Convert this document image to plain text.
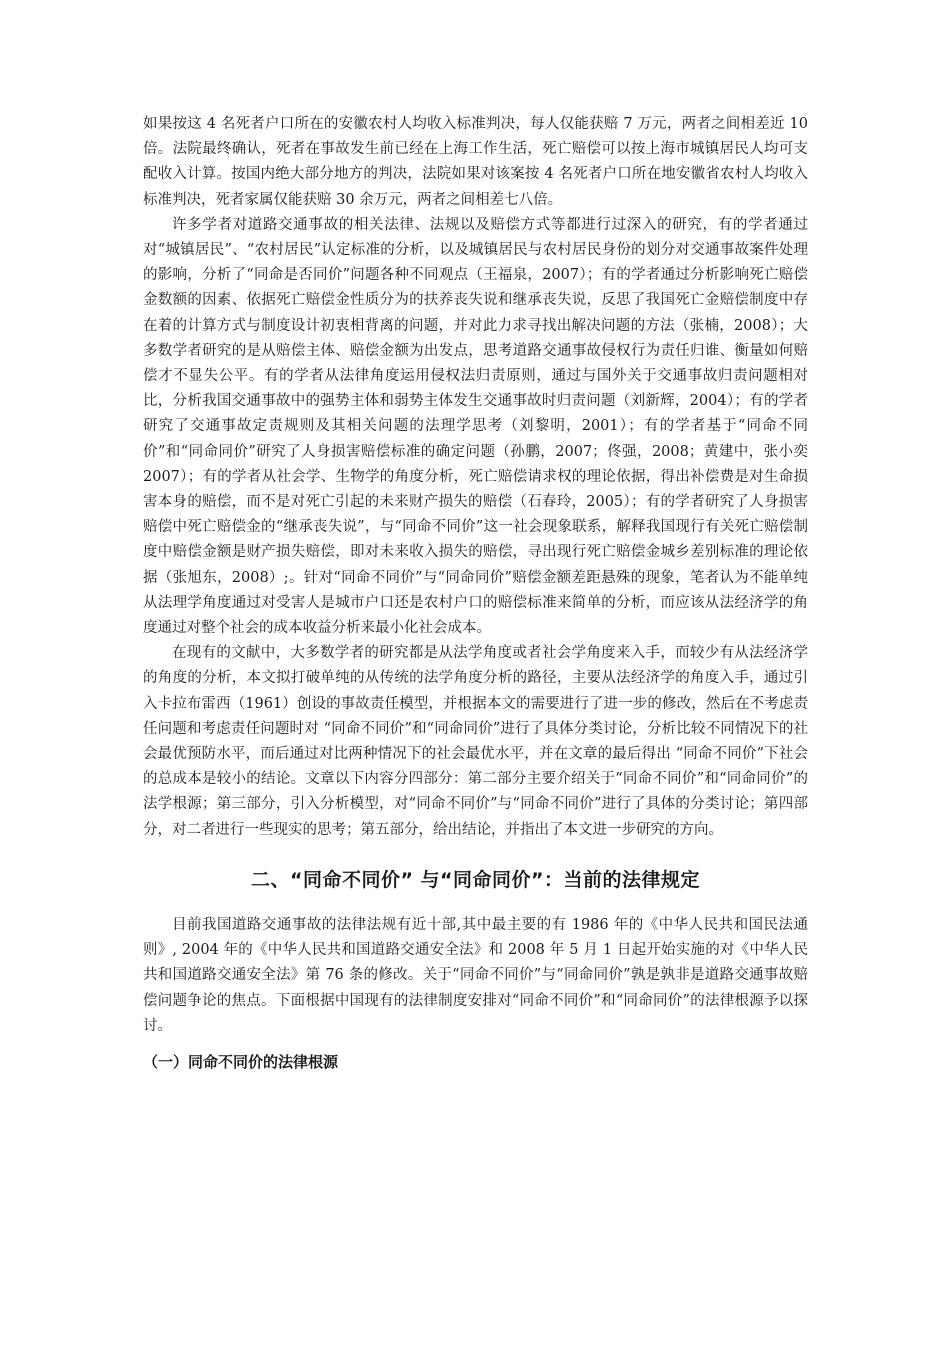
如果按这 4 名死者户口所在的安徽农村人均收入标准判决，每人仅能获赔 7 万元，两者之间相差近 10 倍。法院最终确认，死者在事故发生前已经在上海工作生活，死亡赔偿可以按上海市城镇居民人均可支配收入计算。按国内绝大部分地方的判决，法院如果对该案按 4 名死者户口所在地安徽省农村人均收入标准判决，死者家属仅能获赔 30 余万元，两者之间相差七八倍。

许多学者对道路交通事故的相关法律、法规以及赔偿方式等都进行过深入的研究，有的学者通过对“城镇居民”、“农村居民”认定标准的分析，以及城镇居民与农村居民身份的划分对交通事故案件处理的影响，分析了“同命是否同价”问题各种不同观点（王福泉，2007）；有的学者通过分析影响死亡赔偿金数额的因素、依据死亡赔偿金性质分为的扶养丧失说和继承丧失说，反思了我国死亡金赔偿制度中存在着的计算方式与制度设计初衷相背离的问题，并对此力求寻找出解决问题的方法（张楠，2008）；大多数学者研究的是从赔偿主体、赔偿金额为出发点，思考道路交通事故侵权行为责任归谁、衡量如何赔偿才不显失公平。有的学者从法律角度运用侵权法归责原则，通过与国外关于交通事故归责问题相对比，分析我国交通事故中的强势主体和弱势主体发生交通事故时归责问题（刘新辉，2004）；有的学者研究了交通事故定责规则及其相关问题的法理学思考（刘黎明，2001）；有的学者基于“同命不同价”和“同命同价”研究了人身损害赔偿标准的确定问题（孙鹏，2007；佟强，2008；黄建中，张小奕 2007）；有的学者从社会学、生物学的角度分析，死亡赔偿请求权的理论依据，得出补偿费是对生命损害本身的赔偿，而不是对死亡引起的未来财产损失的赔偿（石春玲，2005）；有的学者研究了人身损害赔偿中死亡赔偿金的“继承丧失说”，与“同命不同价”这一社会现象联系，解释我国现行有关死亡赔偿制度中赔偿金额是财产损失赔偿，即对未来收入损失的赔偿，寻出现行死亡赔偿金城乡差别标准的理论依据（张旭东，2008）;。针对“同命不同价”与“同命同价”赔偿金额差距悬殊的现象，笔者认为不能单纯从法理学角度通过对受害人是城市户口还是农村户口的赔偿标准来简单的分析，而应该从法经济学的角度通过对整个社会的成本收益分析来最小化社会成本。

在现有的文献中，大多数学者的研究都是从法学角度或者社会学角度来入手，而较少有从法经济学的角度的分析，本文拟打破单纯的从传统的法学角度分析的路径，主要从法经济学的角度入手，通过引入卡拉布雷西（1961）创设的事故责任模型，并根据本文的需要进行了进一步的修改，然后在不考虑责任问题和考虑责任问题时对 “同命不同价”和“同命同价”进行了具体分类讨论，分析比较不同情况下的社会最优预防水平，而后通过对比两种情况下的社会最优水平，并在文章的最后得出 “同命不同价”下社会的总成本是较小的结论。文章以下内容分四部分：第二部分主要介绍关于“同命不同价”和“同命同价”的法学根源；第三部分，引入分析模型，对“同命不同价”与“同命不同价”进行了具体的分类讨论；第四部分，对二者进行一些现实的思考；第五部分，给出结论，并指出了本文进一步研究的方向。

二、“同命不同价” 与“同命同价”：当前的法律规定

目前我国道路交通事故的法律法规有近十部,其中最主要的有 1986 年的《中华人民共和国民法通则》, 2004 年的《中华人民共和国道路交通安全法》和 2008 年 5 月 1 日起开始实施的对《中华人民共和国道路交通安全法》第 76 条的修改。关于“同命不同价”与“同命同价”孰是孰非是道路交通事故赔偿问题争论的焦点。下面根据中国现有的法律制度安排对“同命不同价”和“同命同价”的法律根源予以探讨。

（一）同命不同价的法律根源
